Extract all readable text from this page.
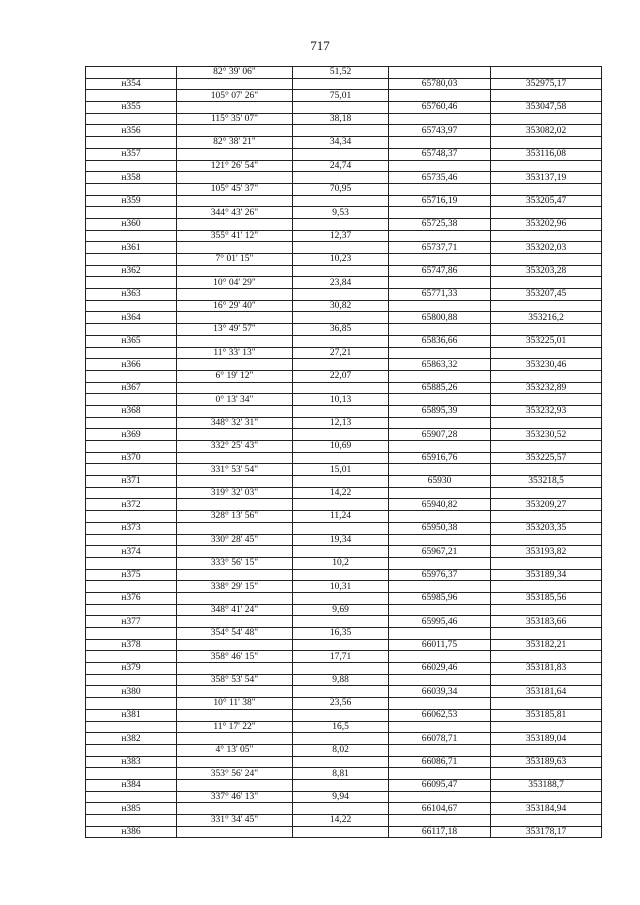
717
	82° 39' 06"	51,52		
н354			65780,03	352975,17
	105° 07' 26"	75,01		
н355			65760,46	353047,58
	115° 35' 07"	38,18		
н356			65743,97	353082,02
	82° 38' 21"	34,34		
н357			65748,37	353116,08
	121° 26' 54"	24,74		
н358			65735,46	353137,19
	105° 45' 37"	70,95		
н359			65716,19	353205,47
	344° 43' 26"	9,53		
н360			65725,38	353202,96
	355° 41' 12"	12,37		
н361			65737,71	353202,03
	7° 01' 15"	10,23		
н362			65747,86	353203,28
	10° 04' 29"	23,84		
н363			65771,33	353207,45
	16° 29' 40"	30,82		
н364			65800,88	353216,2
	13° 49' 57"	36,85		
н365			65836,66	353225,01
	11° 33' 13"	27,21		
н366			65863,32	353230,46
	6° 19' 12"	22,07		
н367			65885,26	353232,89
	0° 13' 34"	10,13		
н368			65895,39	353232,93
	348° 32' 31"	12,13		
н369			65907,28	353230,52
	332° 25' 43"	10,69		
н370			65916,76	353225,57
	331° 53' 54"	15,01		
н371			65930	353218,5
	319° 32' 03"	14,22		
н372			65940,82	353209,27
	328° 13' 56"	11,24		
н373			65950,38	353203,35
	330° 28' 45"	19,34		
н374			65967,21	353193,82
	333° 56' 15"	10,2		
н375			65976,37	353189,34
	338° 29' 15"	10,31		
н376			65985,96	353185,56
	348° 41' 24"	9,69		
н377			65995,46	353183,66
	354° 54' 48"	16,35		
н378			66011,75	353182,21
	358° 46' 15"	17,71		
н379			66029,46	353181,83
	358° 53' 54"	9,88		
н380			66039,34	353181,64
	10° 11' 38"	23,56		
н381			66062,53	353185,81
	11° 17' 22"	16,5		
н382			66078,71	353189,04
	4° 13' 05"	8,02		
н383			66086,71	353189,63
	353° 56' 24"	8,81		
н384			66095,47	353188,7
	337° 46' 13"	9,94		
н385			66104,67	353184,94
	331° 34' 45"	14,22		
н386			66117,18	353178,17
